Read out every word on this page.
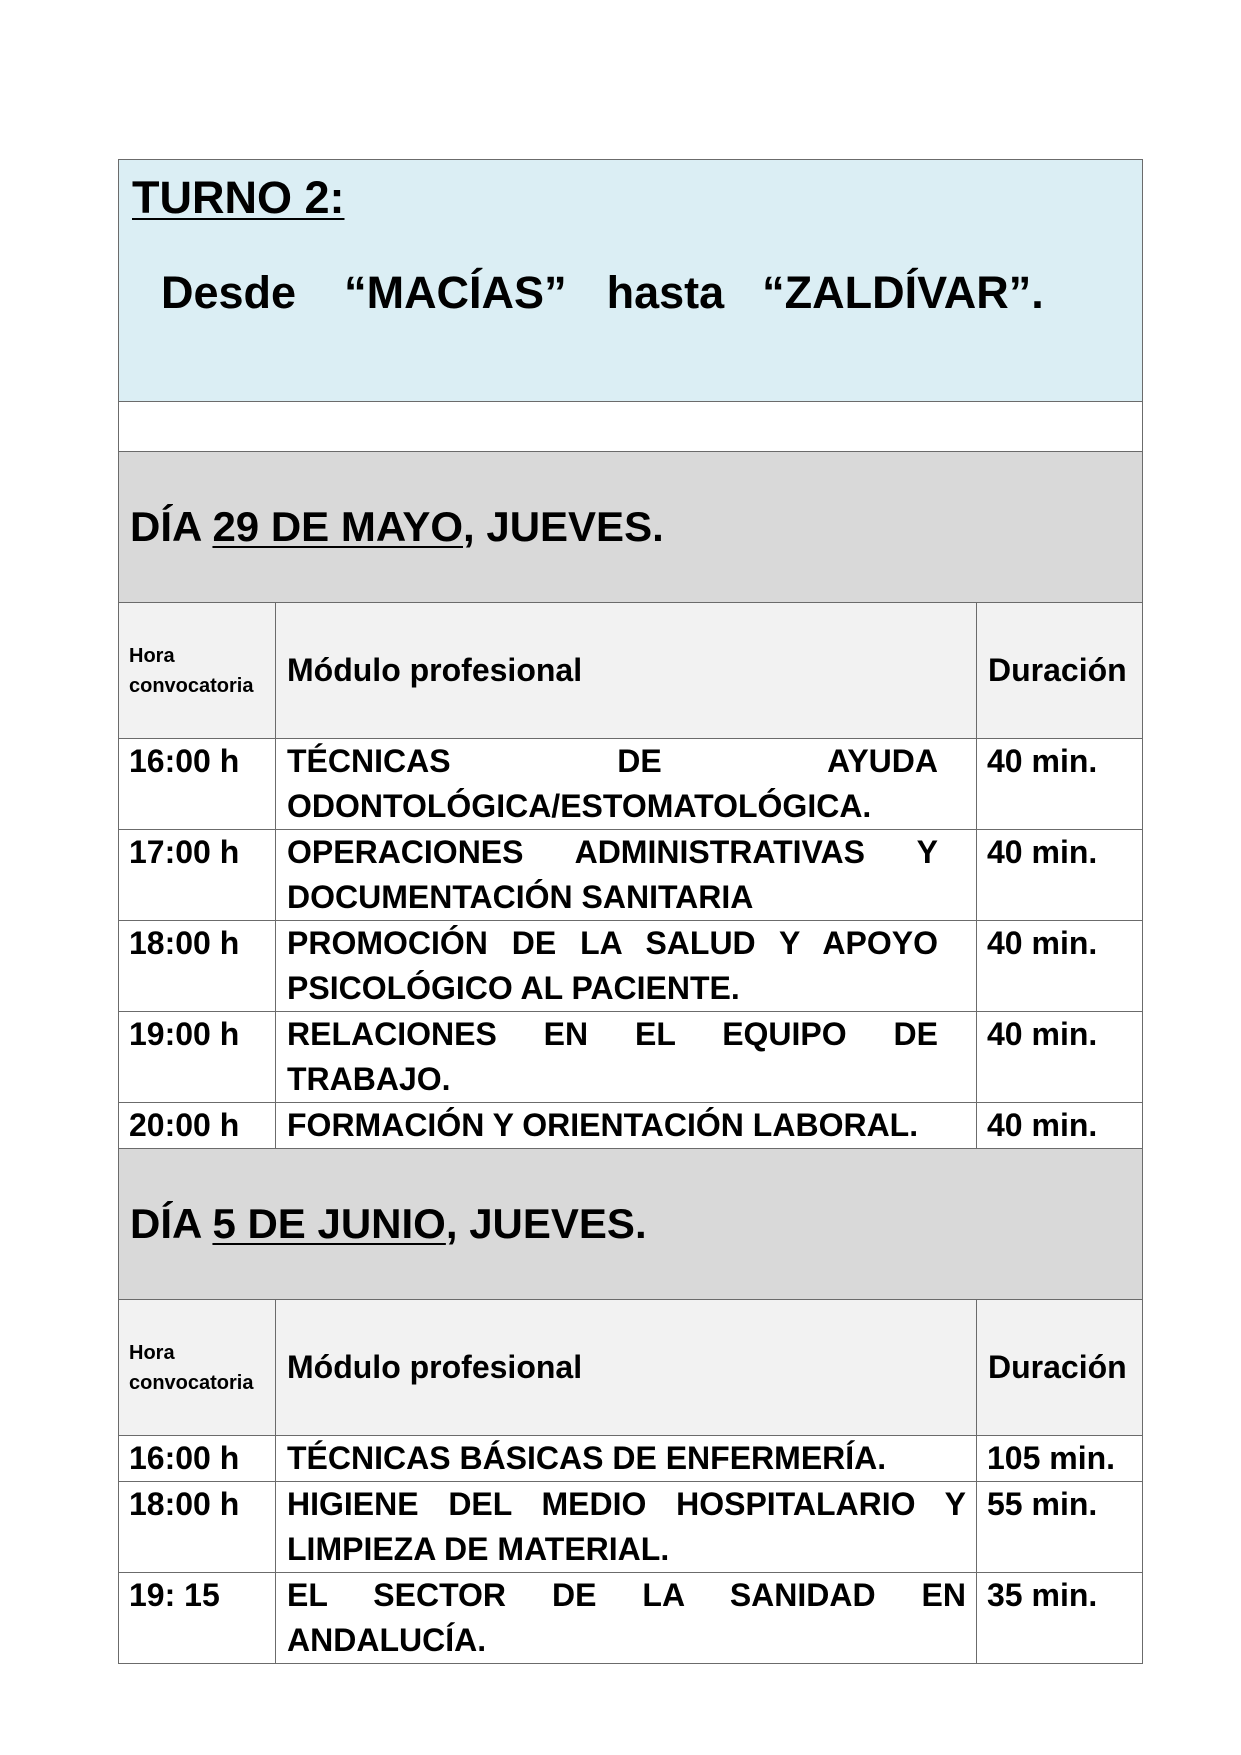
TURNO 2:
Desde “MACÍAS” hasta “ZALDÍVAR”.		

DÍA 29 DE MAYO, JUEVES.		

Hora
convocatoria	Módulo profesional	Duración
16:00 h	TÉCNICAS DE AYUDA ODONTOLÓGICA/ESTOMATOLÓGICA.	40 min.
17:00 h	OPERACIONES ADMINISTRATIVAS Y DOCUMENTACIÓN SANITARIA	40 min.
18:00 h	PROMOCIÓN DE LA SALUD Y APOYO PSICOLÓGICO AL PACIENTE.	40 min.
19:00 h	RELACIONES EN EL EQUIPO DE TRABAJO.	40 min.
20:00 h	FORMACIÓN Y ORIENTACIÓN LABORAL.	40 min.

DÍA 5 DE JUNIO, JUEVES.		

Hora
convocatoria	Módulo profesional	Duración
16:00 h	TÉCNICAS BÁSICAS DE ENFERMERÍA.	105 min.
18:00 h	HIGIENE DEL MEDIO HOSPITALARIO Y LIMPIEZA DE MATERIAL.	55 min.
19: 15	EL SECTOR DE LA SANIDAD EN ANDALUCÍA.	35 min.
